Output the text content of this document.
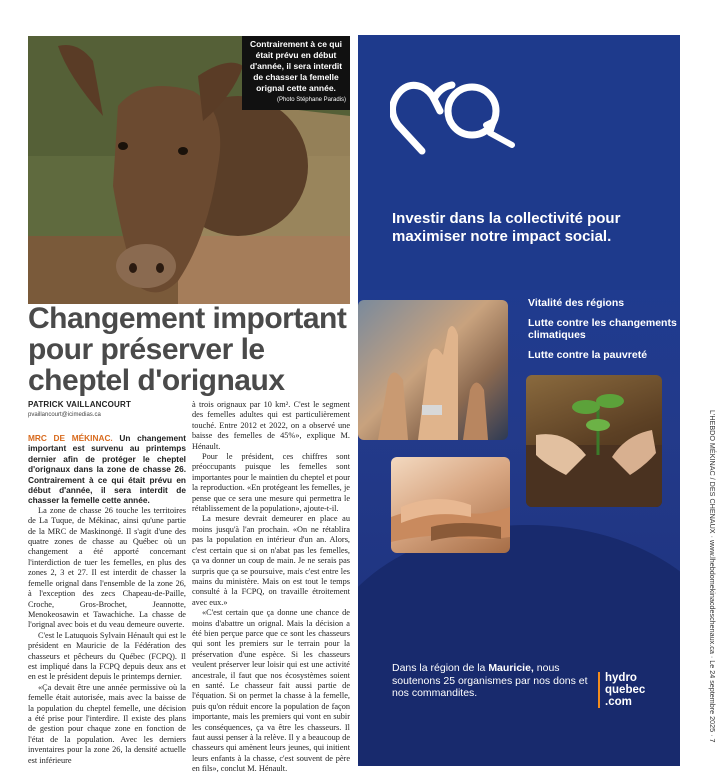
Contrairement à ce qui était prévu en début d'année, il sera interdit de chasser la femelle orignal cette année.
(Photo Stéphane Paradis)
Changement important pour préserver le cheptel d'orignaux
PATRICK VAILLANCOURT
pvaillancourt@icimedias.ca

MRC DE MÉKINAC. Un changement important est survenu au printemps dernier afin de protéger le cheptel d'orignaux dans la zone de chasse 26. Contrairement à ce qui était prévu en début d'année, il sera interdit de chasser la femelle cette année.

La zone de chasse 26 touche les territoires de La Tuque, de Mékinac, ainsi qu'une partie de la MRC de Maskinongé. Il s'agit d'une des quatre zones de chasse au Québec où un changement a été apporté concernant l'interdiction de tuer les femelles, en plus des zones 2, 3 et 27. Il est interdit de chasser la femelle orignal dans l'ensemble de la zone 26, à l'exception des zecs Chapeau-de-Paille, Croche, Gros-Brochet, Jeannotte, Menokeosawin et Tawachiche. La chasse de l'orignal avec bois et du veau demeure ouverte.

C'est le Latuquois Sylvain Hénault qui est le président en Mauricie de la Fédération des chasseurs et pêcheurs du Québec (FCPQ). Il est impliqué dans la FCPQ depuis deux ans et en est le président depuis le printemps dernier.

«Ça devait être une année permissive où la femelle était autorisée, mais avec la baisse de la population du cheptel femelle, une décision a été prise pour l'interdire. Il existe des plans de gestion pour chaque zone en fonction de l'état de la population. Avec les derniers inventaires pour la zone 26, la densité actuelle est inférieure

à trois orignaux par 10 km². C'est le segment des femelles adultes qui est particulièrement touché. Entre 2012 et 2022, on a observé une baisse des femelles de 45%», explique M. Hénault.

Pour le président, ces chiffres sont préoccupants puisque les femelles sont importantes pour le maintien du cheptel et pour la reproduction. «En protégeant les femelles, je pense que ce sera une mesure qui permettra le rétablissement de la population», ajoute-t-il.

La mesure devrait demeurer en place au moins jusqu'à l'an prochain. «On ne rétablira pas la population en intérieur d'un an. Alors, c'est certain que si on n'abat pas les femelles, ça va donner un coup de main. Je ne serais pas surpris que ça se poursuive, mais c'est entre les mains du ministère. Mais on est tout le temps consulté à la FCPQ, on travaille étroitement avec eux.»

«C'est certain que ça donne une chance de moins d'abattre un orignal. Mais la décision a été bien perçue parce que ce sont les chasseurs qui sont les premiers sur le terrain pour la préservation d'une espèce. Si les chasseurs veulent préserver leur loisir qui est une activité ancestrale, il faut que nos écosystèmes soient en santé. Le chasseur fait aussi partie de l'équation. Si on permet la chasse à la femelle, puis qu'on réduit encore la population de façon importante, mais les premiers qui vont en subir les conséquences, ça va être les chasseurs. Il faut aussi penser à la relève. Il y a beaucoup de chasseurs qui amènent leurs jeunes, qui initient leurs enfants à la chasse, c'est souvent de père en fils», conclut M. Hénault.

Investir dans la collectivité pour maximiser notre impact social.
Vitalité des régions
Lutte contre les changements climatiques
Lutte contre la pauvreté
Dans la région de la Mauricie, nous soutenons 25 organismes par nos dons et nos commandites.
hydro
quebec
.com	L'HEBDO MÉKINAC / DES CHENAUX · www.lhebdomekinacdeschenaux.ca · Le 24 septembre 2025 · 7
